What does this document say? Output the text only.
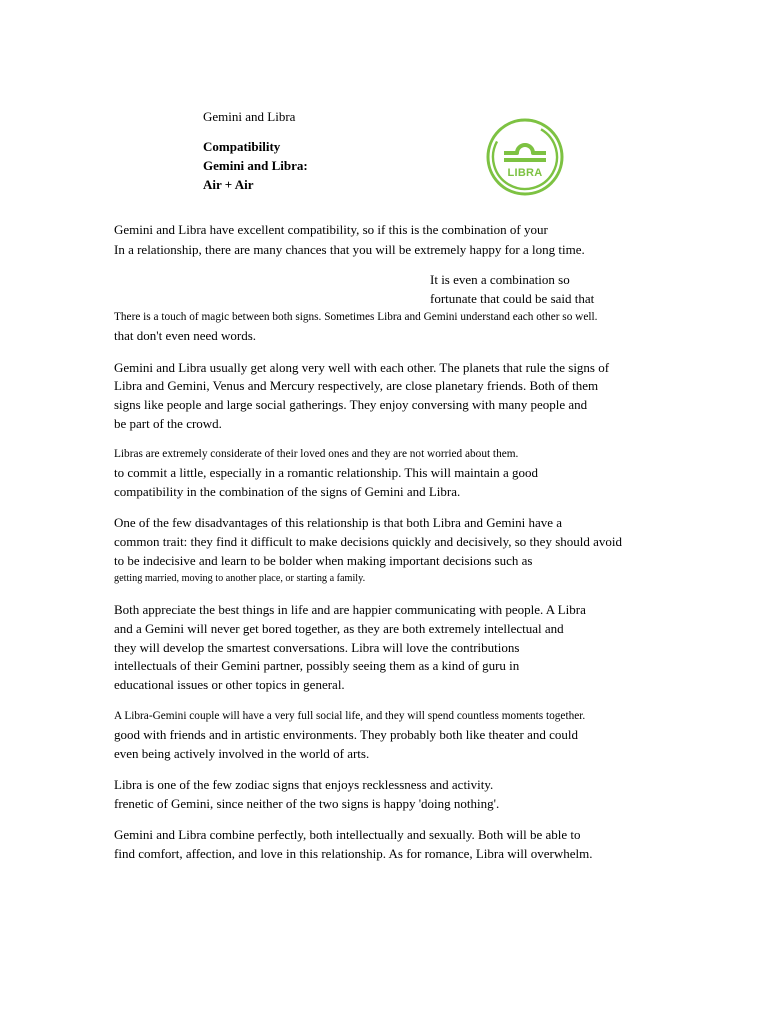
Gemini and Libra
Compatibility
Gemini and Libra:
Air + Air
LIBRA
Gemini and Libra have excellent compatibility, so if this is the combination of your
In a relationship, there are many chances that you will be extremely happy for a long time.
It is even a combination so
fortunate that could be said that
There is a touch of magic between both signs. Sometimes Libra and Gemini understand each other so well.
that don't even need words.
Gemini and Libra usually get along very well with each other. The planets that rule the signs of
Libra and Gemini, Venus and Mercury respectively, are close planetary friends. Both of them
signs like people and large social gatherings. They enjoy conversing with many people and
be part of the crowd.
Libras are extremely considerate of their loved ones and they are not worried about them.
to commit a little, especially in a romantic relationship. This will maintain a good
compatibility in the combination of the signs of Gemini and Libra.
One of the few disadvantages of this relationship is that both Libra and Gemini have a
common trait: they find it difficult to make decisions quickly and decisively, so they should avoid
to be indecisive and learn to be bolder when making important decisions such as
getting married, moving to another place, or starting a family.
Both appreciate the best things in life and are happier communicating with people. A Libra
and a Gemini will never get bored together, as they are both extremely intellectual and
they will develop the smartest conversations. Libra will love the contributions
intellectuals of their Gemini partner, possibly seeing them as a kind of guru in
educational issues or other topics in general.
A Libra-Gemini couple will have a very full social life, and they will spend countless moments together.
good with friends and in artistic environments. They probably both like theater and could
even being actively involved in the world of arts.
Libra is one of the few zodiac signs that enjoys recklessness and activity.
frenetic of Gemini, since neither of the two signs is happy 'doing nothing'.
Gemini and Libra combine perfectly, both intellectually and sexually. Both will be able to
find comfort, affection, and love in this relationship. As for romance, Libra will overwhelm.
